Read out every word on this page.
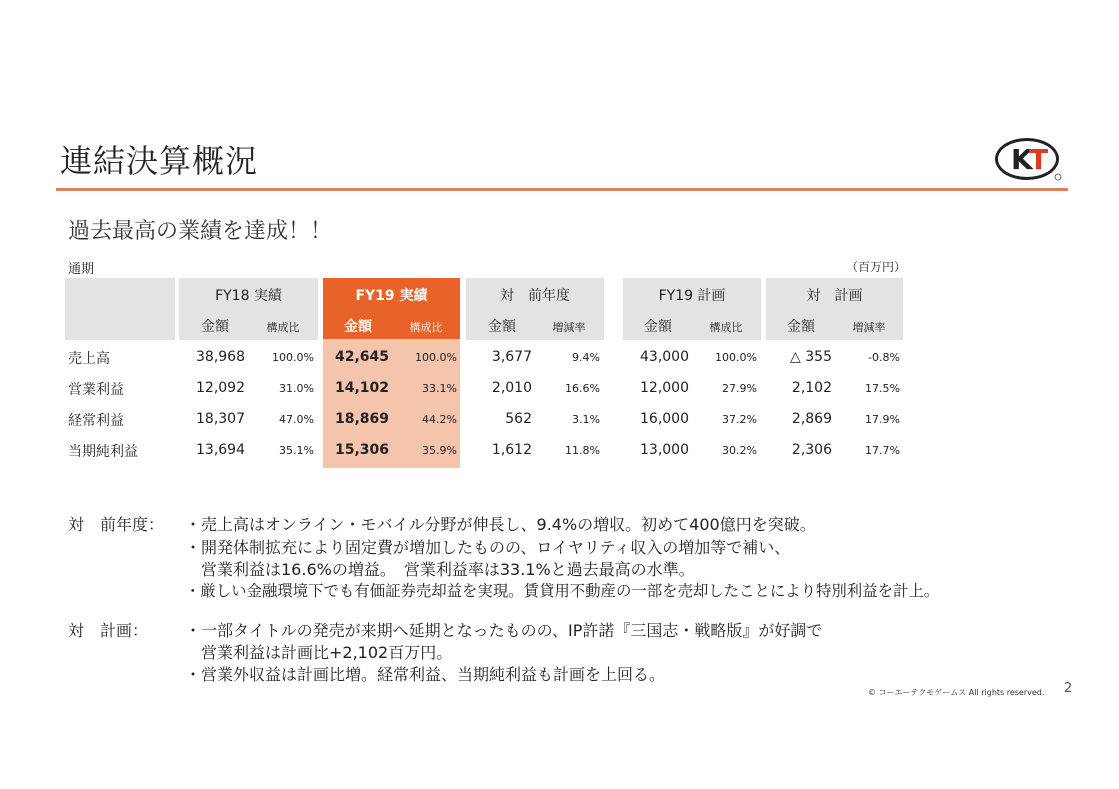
連結決算概況	K
T
過去最高の業績を達成！！
通期	（百万円）
FY18 実績	FY19 実績	対　前年度	FY19 計画	対　計画
金額	構成比	金額	構成比	金額	増減率	金額	構成比	金額	増減率
売上高	38,968	100.0%	42,645	100.0%	3,677	9.4%	43,000	100.0%	△ 355	-0.8%
営業利益	12,092	31.0%	14,102	33.1%	2,010	16.6%	12,000	27.9%	2,102	17.5%
経常利益	18,307	47.0%	18,869	44.2%	562	3.1%	16,000	37.2%	2,869	17.9%
当期純利益	13,694	35.1%	15,306	35.9%	1,612	11.8%	13,000	30.2%	2,306	17.7%
対　前年度： ・売上高はオンライン・モバイル分野が伸長し、9.4%の増収。初めて400億円を突破。
・開発体制拡充により固定費が増加したものの、ロイヤリティ収入の増加等で補い、
　営業利益は16.6%の増益。　営業利益率は33.1%と過去最高の水準。
・厳しい金融環境下でも有価証券売却益を実現。賃貸用不動産の一部を売却したことにより特別利益を計上。
対　計画： ・一部タイトルの発売が来期へ延期となったものの、IP許諾『三国志・戦略版』が好調で
　営業利益は計画比+2,102百万円。
・営業外収益は計画比増。経常利益、当期純利益も計画を上回る。
© コーエーテクモゲームス All rights reserved. 2
